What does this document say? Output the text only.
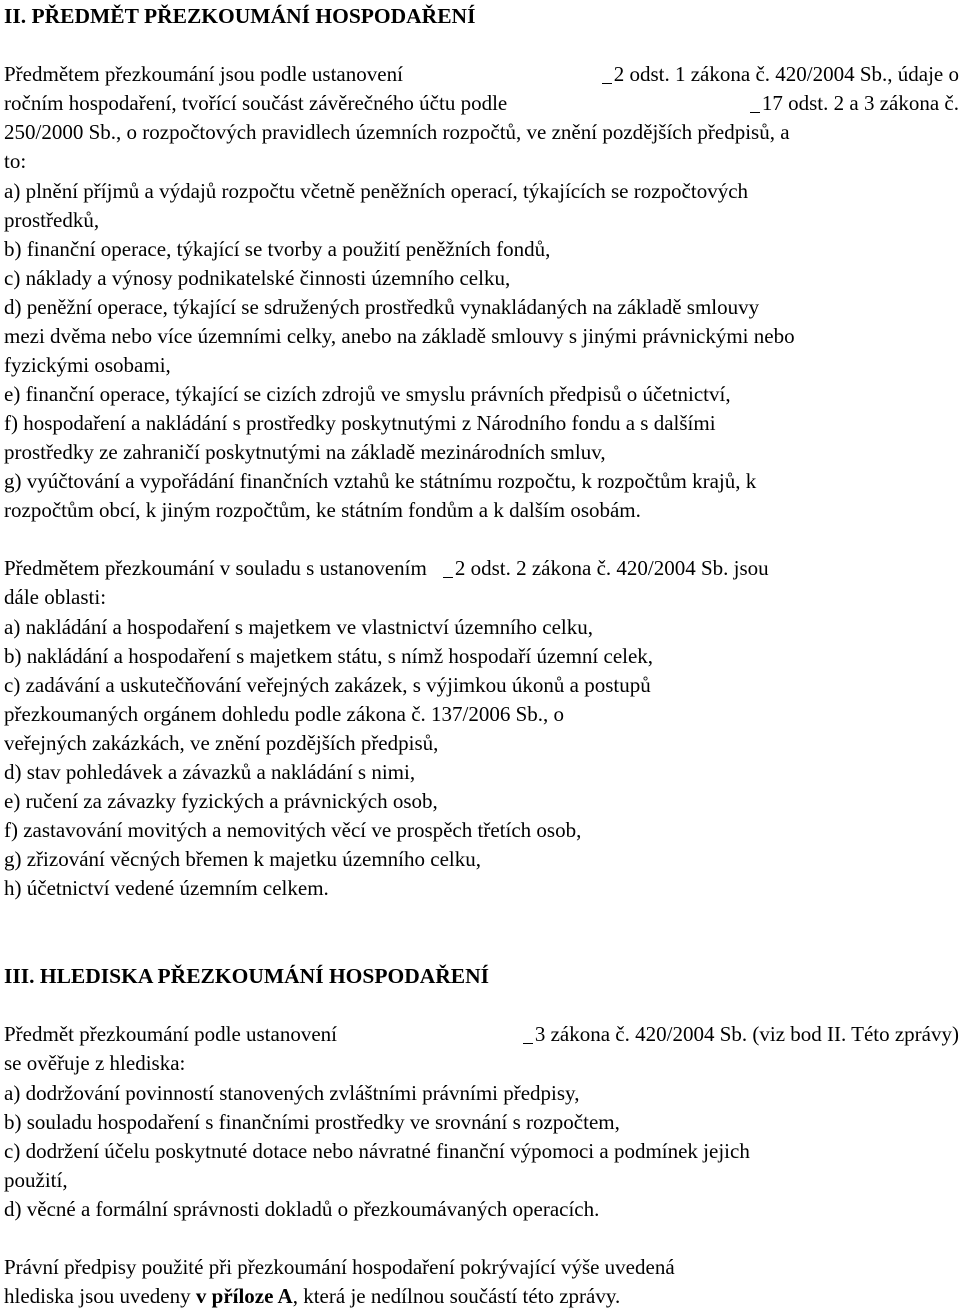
II. PŘEDMĚT PŘEZKOUMÁNÍ HOSPODAŘENÍ
Předmětem přezkoumání jsou podle ustanovení	2 odst. 1 zákona č. 420/2004 Sb., údaje o
ročním hospodaření, tvořící součást závěrečného účtu podle	17 odst. 2 a 3 zákona č.
250/2000 Sb., o rozpočtových pravidlech územních rozpočtů, ve znění pozdějších předpisů, a
to:
a) plnění příjmů a výdajů rozpočtu včetně peněžních operací, týkajících se rozpočtových
prostředků,
b) finanční operace, týkající se tvorby a použití peněžních fondů,
c) náklady a výnosy podnikatelské činnosti územního celku,
d) peněžní operace, týkající se sdružených prostředků vynakládaných na základě smlouvy
mezi dvěma nebo více územními celky, anebo na základě smlouvy s jinými právnickými nebo
fyzickými osobami,
e) finanční operace, týkající se cizích zdrojů ve smyslu právních předpisů o účetnictví,
f) hospodaření a nakládání s prostředky poskytnutými z Národního fondu a s dalšími
prostředky ze zahraničí poskytnutými na základě mezinárodních smluv,
g) vyúčtování a vypořádání finančních vztahů ke státnímu rozpočtu, k rozpočtům krajů, k
rozpočtům obcí, k jiným rozpočtům, ke státním fondům a k dalším osobám.
Předmětem přezkoumání v souladu s ustanovením 2 odst. 2 zákona č. 420/2004 Sb. jsou
dále oblasti:
a) nakládání a hospodaření s majetkem ve vlastnictví územního celku,
b) nakládání a hospodaření s majetkem státu, s nímž hospodaří územní celek,
c) zadávání a uskutečňování veřejných zakázek, s výjimkou úkonů a postupů
přezkoumaných orgánem dohledu podle zákona č. 137/2006 Sb., o
veřejných zakázkách, ve znění pozdějších předpisů,
d) stav pohledávek a závazků a nakládání s nimi,
e) ručení za závazky fyzických a právnických osob,
f) zastavování movitých a nemovitých věcí ve prospěch třetích osob,
g) zřizování věcných břemen k majetku územního celku,
h) účetnictví vedené územním celkem.
III. HLEDISKA PŘEZKOUMÁNÍ HOSPODAŘENÍ
Předmět přezkoumání podle ustanovení	3 zákona č. 420/2004 Sb. (viz bod II. Této zprávy)
se ověřuje z hlediska:
a) dodržování povinností stanovených zvláštními právními předpisy,
b) souladu hospodaření s finančními prostředky ve srovnání s rozpočtem,
c) dodržení účelu poskytnuté dotace nebo návratné finanční výpomoci a podmínek jejich
použití,
d) věcné a formální správnosti dokladů o přezkoumávaných operacích.
Právní předpisy použité při přezkoumání hospodaření pokrývající výše uvedená
hlediska jsou uvedeny v příloze A, která je nedílnou součástí této zprávy.
